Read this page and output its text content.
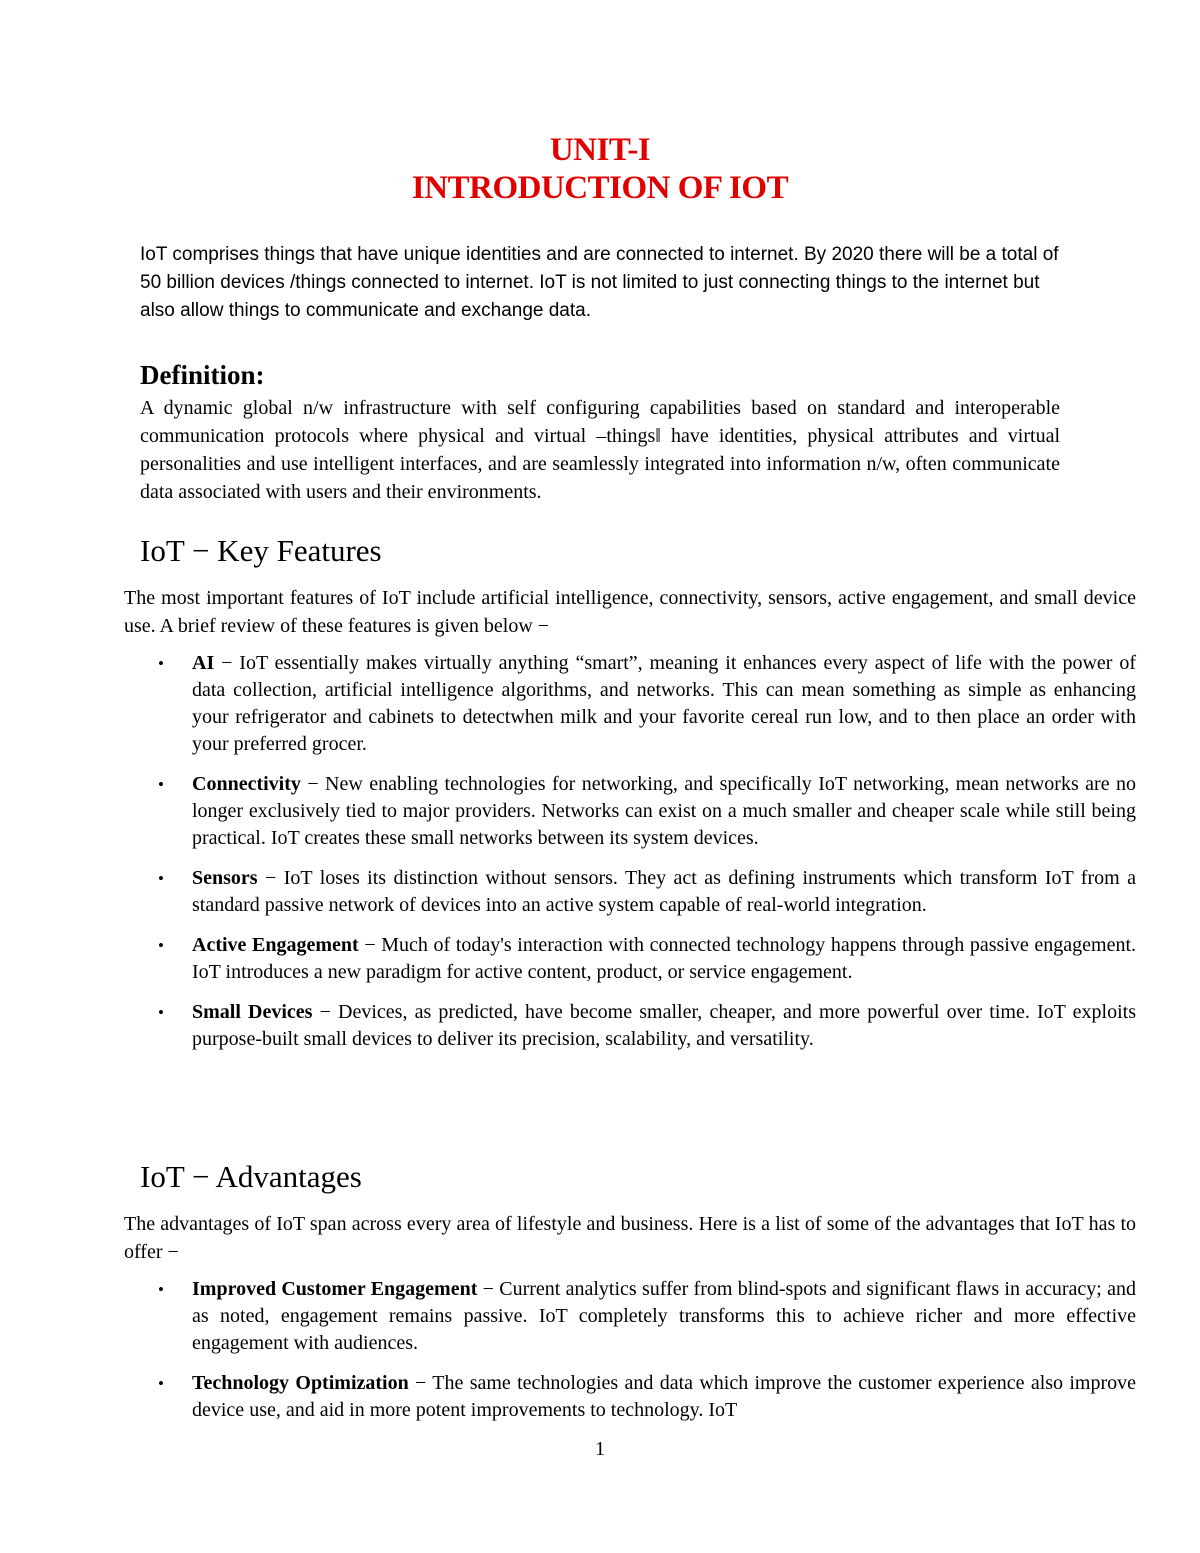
UNIT-I
INTRODUCTION OF IOT

IoT comprises things that have unique identities and are connected to internet. By 2020 there will be a total of 50 billion devices /things connected to internet. IoT is not limited to just connecting things to the internet but also allow things to communicate and exchange data.

Definition:

A dynamic global n/w infrastructure with self configuring capabilities based on standard and interoperable communication protocols where physical and virtual –things‖ have identities, physical attributes and virtual personalities and use intelligent interfaces, and are seamlessly integrated into information n/w, often communicate data associated with users and their environments.

IoT − Key Features

The most important features of IoT include artificial intelligence, connectivity, sensors, active engagement, and small device use. A brief review of these features is given below −

• AI − IoT essentially makes virtually anything “smart”, meaning it enhances every aspect of life with the power of data collection, artificial intelligence algorithms, and networks. This can mean something as simple as enhancing your refrigerator and cabinets to detectwhen milk and your favorite cereal run low, and to then place an order with your preferred grocer.
• Connectivity − New enabling technologies for networking, and specifically IoT networking, mean networks are no longer exclusively tied to major providers. Networks can exist on a much smaller and cheaper scale while still being practical. IoT creates these small networks between its system devices.
• Sensors − IoT loses its distinction without sensors. They act as defining instruments which transform IoT from a standard passive network of devices into an active system capable of real-world integration.
• Active Engagement − Much of today's interaction with connected technology happens through passive engagement. IoT introduces a new paradigm for active content, product, or service engagement.
• Small Devices − Devices, as predicted, have become smaller, cheaper, and more powerful over time. IoT exploits purpose-built small devices to deliver its precision, scalability, and versatility.
IoT − Advantages

The advantages of IoT span across every area of lifestyle and business. Here is a list of some of the advantages that IoT has to offer −

• Improved Customer Engagement − Current analytics suffer from blind-spots and significant flaws in accuracy; and as noted, engagement remains passive. IoT completely transforms this to achieve richer and more effective engagement with audiences.
• Technology Optimization − The same technologies and data which improve the customer experience also improve device use, and aid in more potent improvements to technology. IoT
1
